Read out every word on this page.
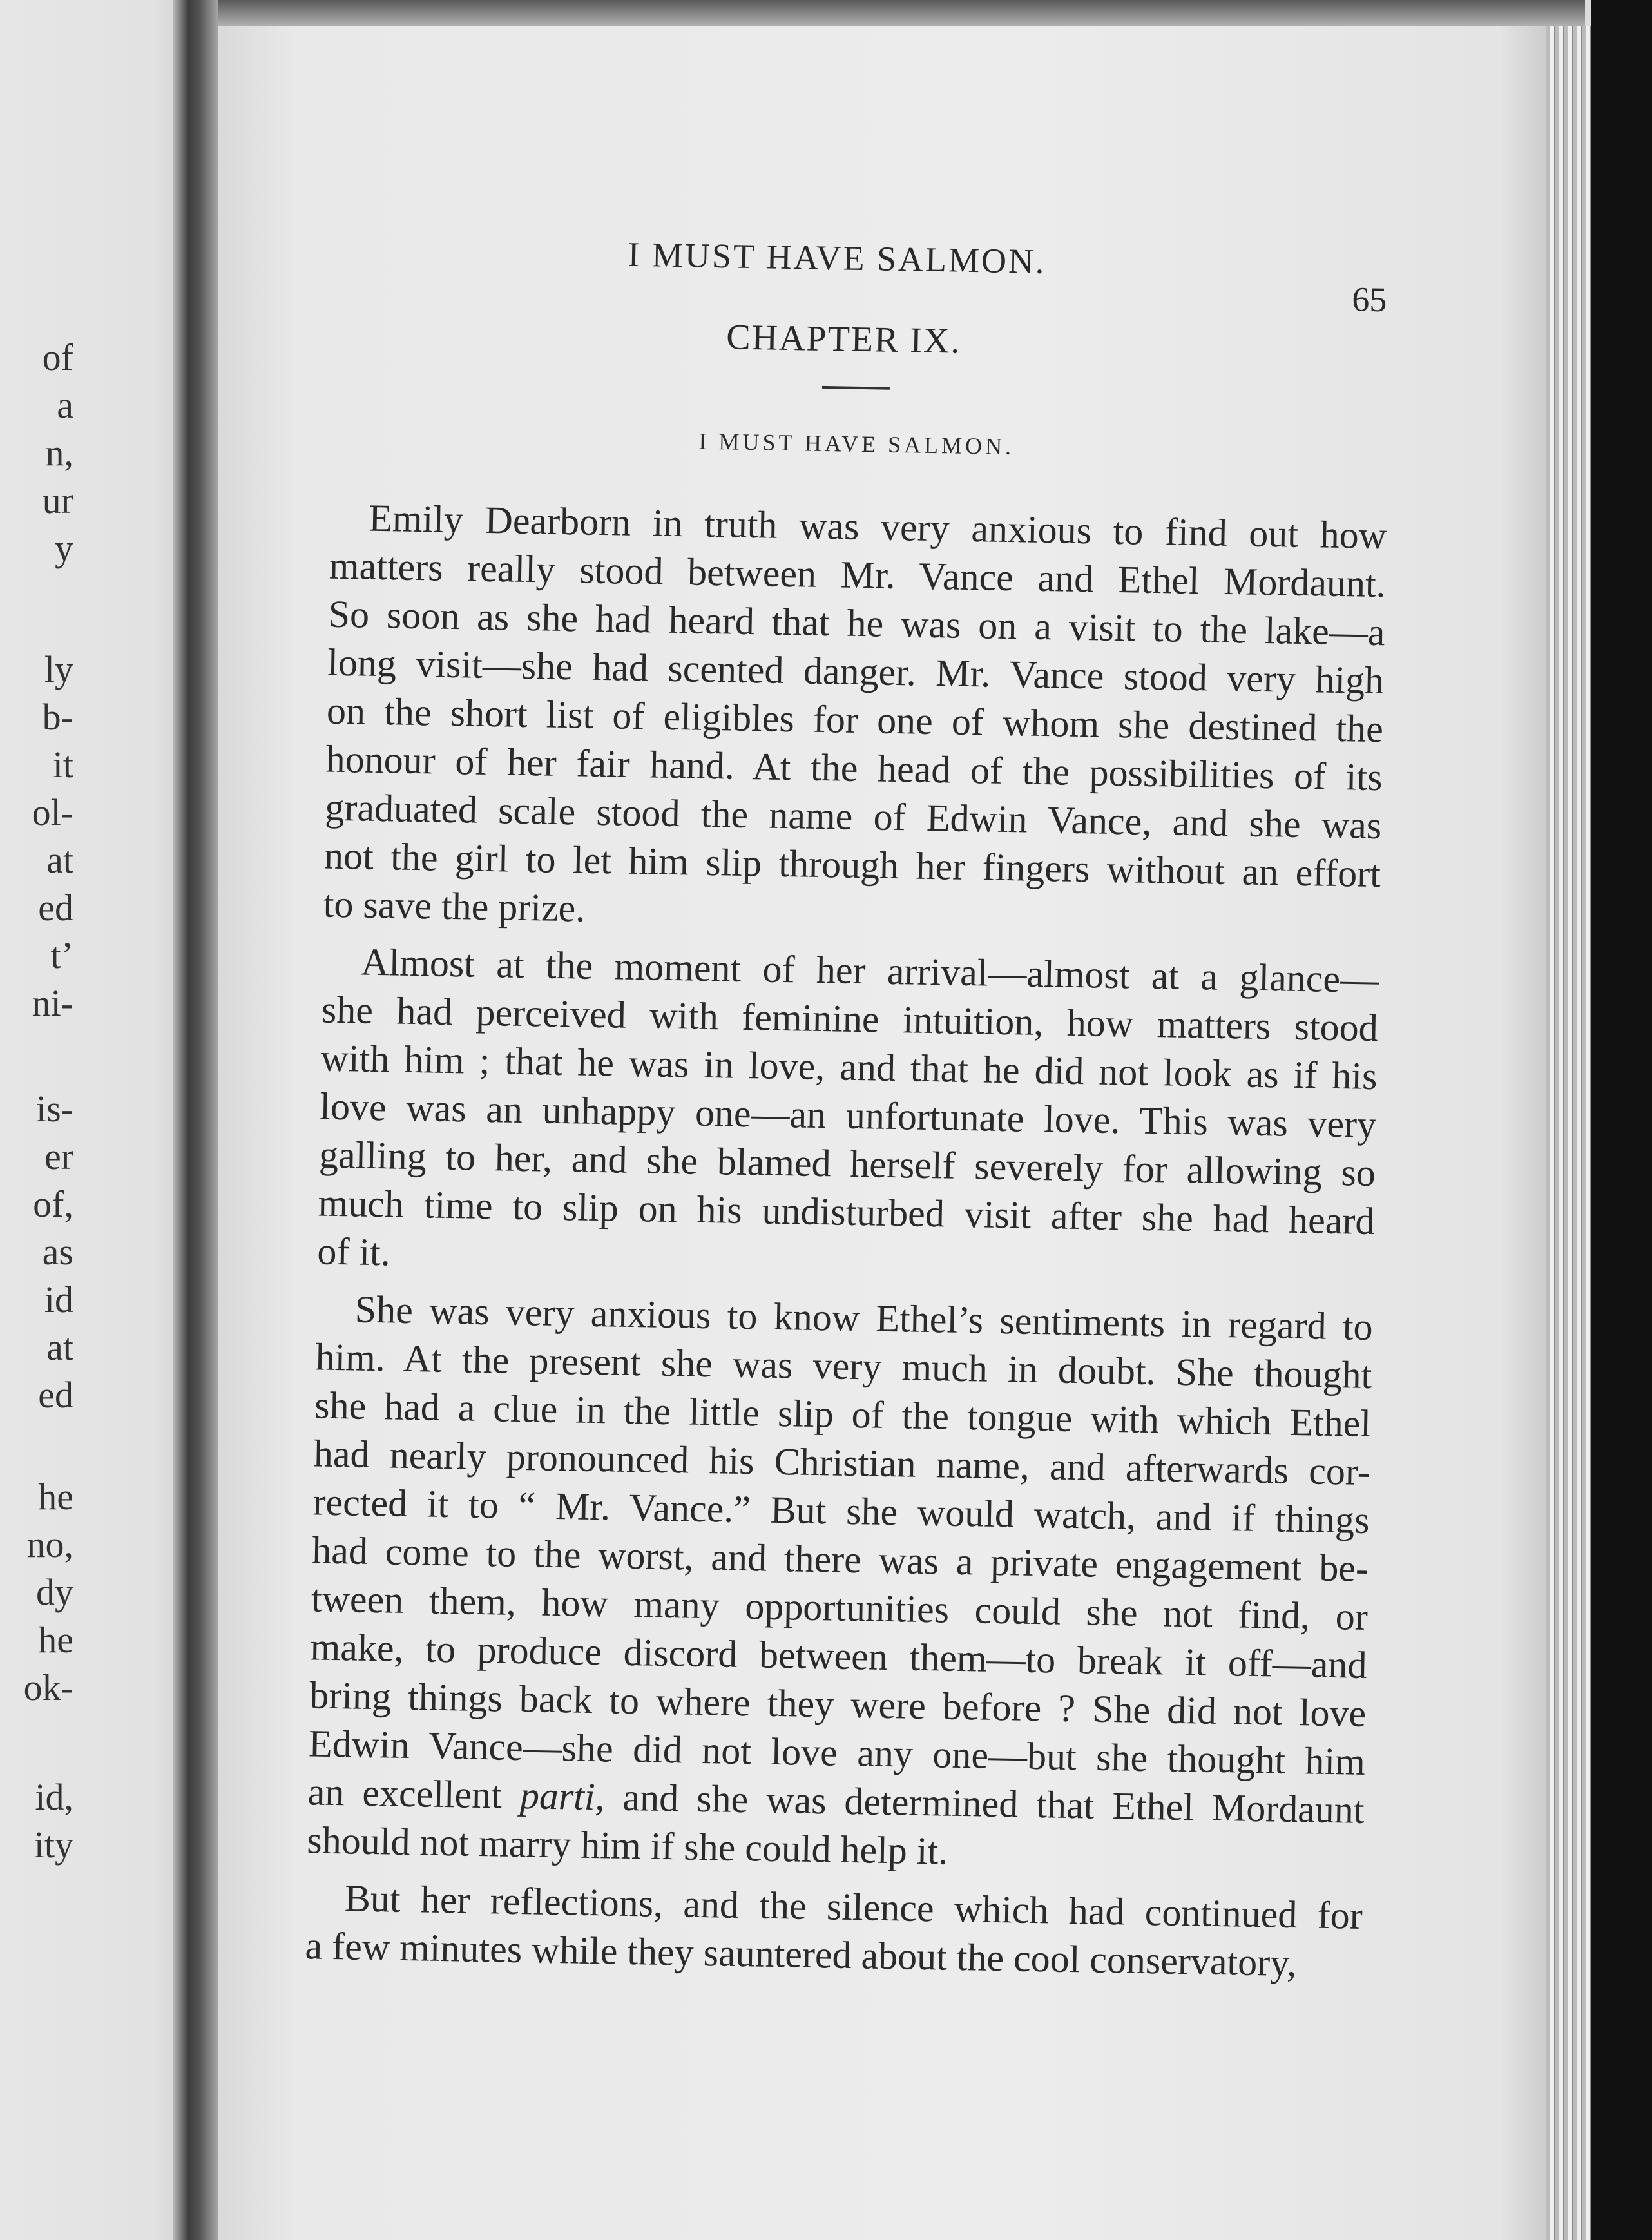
of
a
n,
ur
y
ly
b-
it
ol-
at
ed
t’
ni-
is-
er
of,
as
id
at
ed
he
no,
dy
he
ok-
id,
ity
I MUST HAVE SALMON.
65
CHAPTER IX.
I MUST HAVE SALMON.
Emily Dearborn in truth was very anxious to find out how
matters really stood between Mr. Vance and Ethel Mordaunt.
So soon as she had heard that he was on a visit to the lake—a
long visit—she had scented danger. Mr. Vance stood very high
on the short list of eligibles for one of whom she destined the
honour of her fair hand. At the head of the possibilities of its
graduated scale stood the name of Edwin Vance, and she was
not the girl to let him slip through her fingers without an effort
to save the prize.
Almost at the moment of her arrival—almost at a glance—
she had perceived with feminine intuition, how matters stood
with him ; that he was in love, and that he did not look as if his
love was an unhappy one—an unfortunate love. This was very
galling to her, and she blamed herself severely for allowing so
much time to slip on his undisturbed visit after she had heard
of it.
She was very anxious to know Ethel’s sentiments in regard to
him. At the present she was very much in doubt. She thought
she had a clue in the little slip of the tongue with which Ethel
had nearly pronounced his Christian name, and afterwards cor-
rected it to “ Mr. Vance.” But she would watch, and if things
had come to the worst, and there was a private engagement be-
tween them, how many opportunities could she not find, or
make, to produce discord between them—to break it off—and
bring things back to where they were before ? She did not love
Edwin Vance—she did not love any one—but she thought him
an excellent parti, and she was determined that Ethel Mordaunt
should not marry him if she could help it.
But her reflections, and the silence which had continued for
a few minutes while they sauntered about the cool conservatory,
